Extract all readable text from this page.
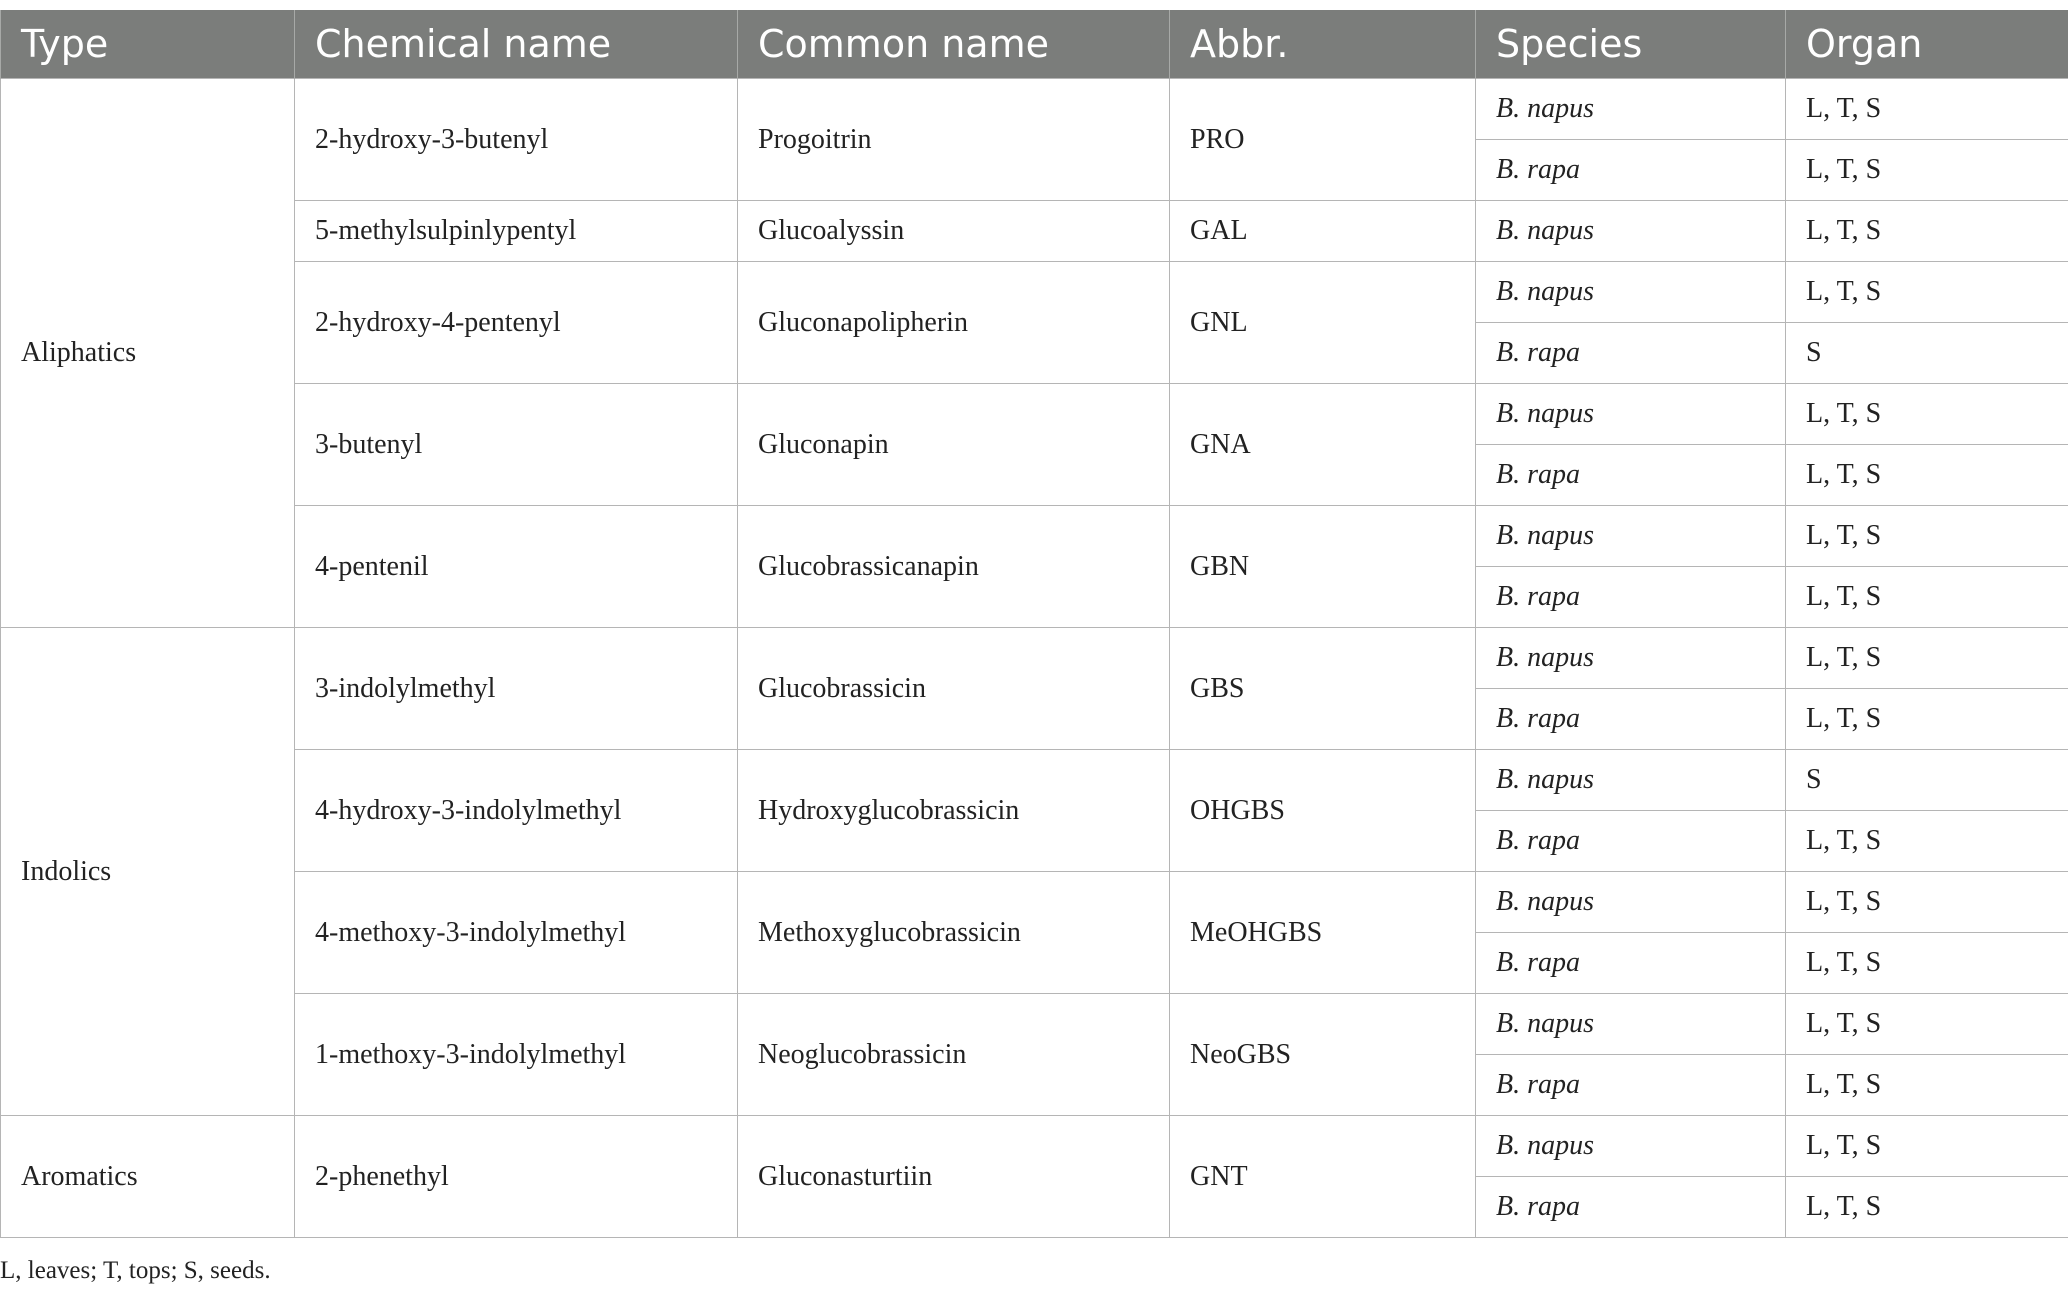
Type	Chemical name	Common name	Abbr.	Species	Organ
Aliphatics	2-hydroxy-3-butenyl	Progoitrin	PRO	B. napus	L, T, S
				B. rapa	L, T, S
	5-methylsulpinlypentyl	Glucoalyssin	GAL	B. napus	L, T, S
	2-hydroxy-4-pentenyl	Gluconapolipherin	GNL	B. napus	L, T, S
				B. rapa	S
	3-butenyl	Gluconapin	GNA	B. napus	L, T, S
				B. rapa	L, T, S
	4-pentenil	Glucobrassicanapin	GBN	B. napus	L, T, S
				B. rapa	L, T, S
Indolics	3-indolylmethyl	Glucobrassicin	GBS	B. napus	L, T, S
				B. rapa	L, T, S
	4-hydroxy-3-indolylmethyl	Hydroxyglucobrassicin	OHGBS	B. napus	S
				B. rapa	L, T, S
	4-methoxy-3-indolylmethyl	Methoxyglucobrassicin	MeOHGBS	B. napus	L, T, S
				B. rapa	L, T, S
	1-methoxy-3-indolylmethyl	Neoglucobrassicin	NeoGBS	B. napus	L, T, S
				B. rapa	L, T, S
Aromatics	2-phenethyl	Gluconasturtiin	GNT	B. napus	L, T, S
				B. rapa	L, T, S
L, leaves; T, tops; S, seeds.
